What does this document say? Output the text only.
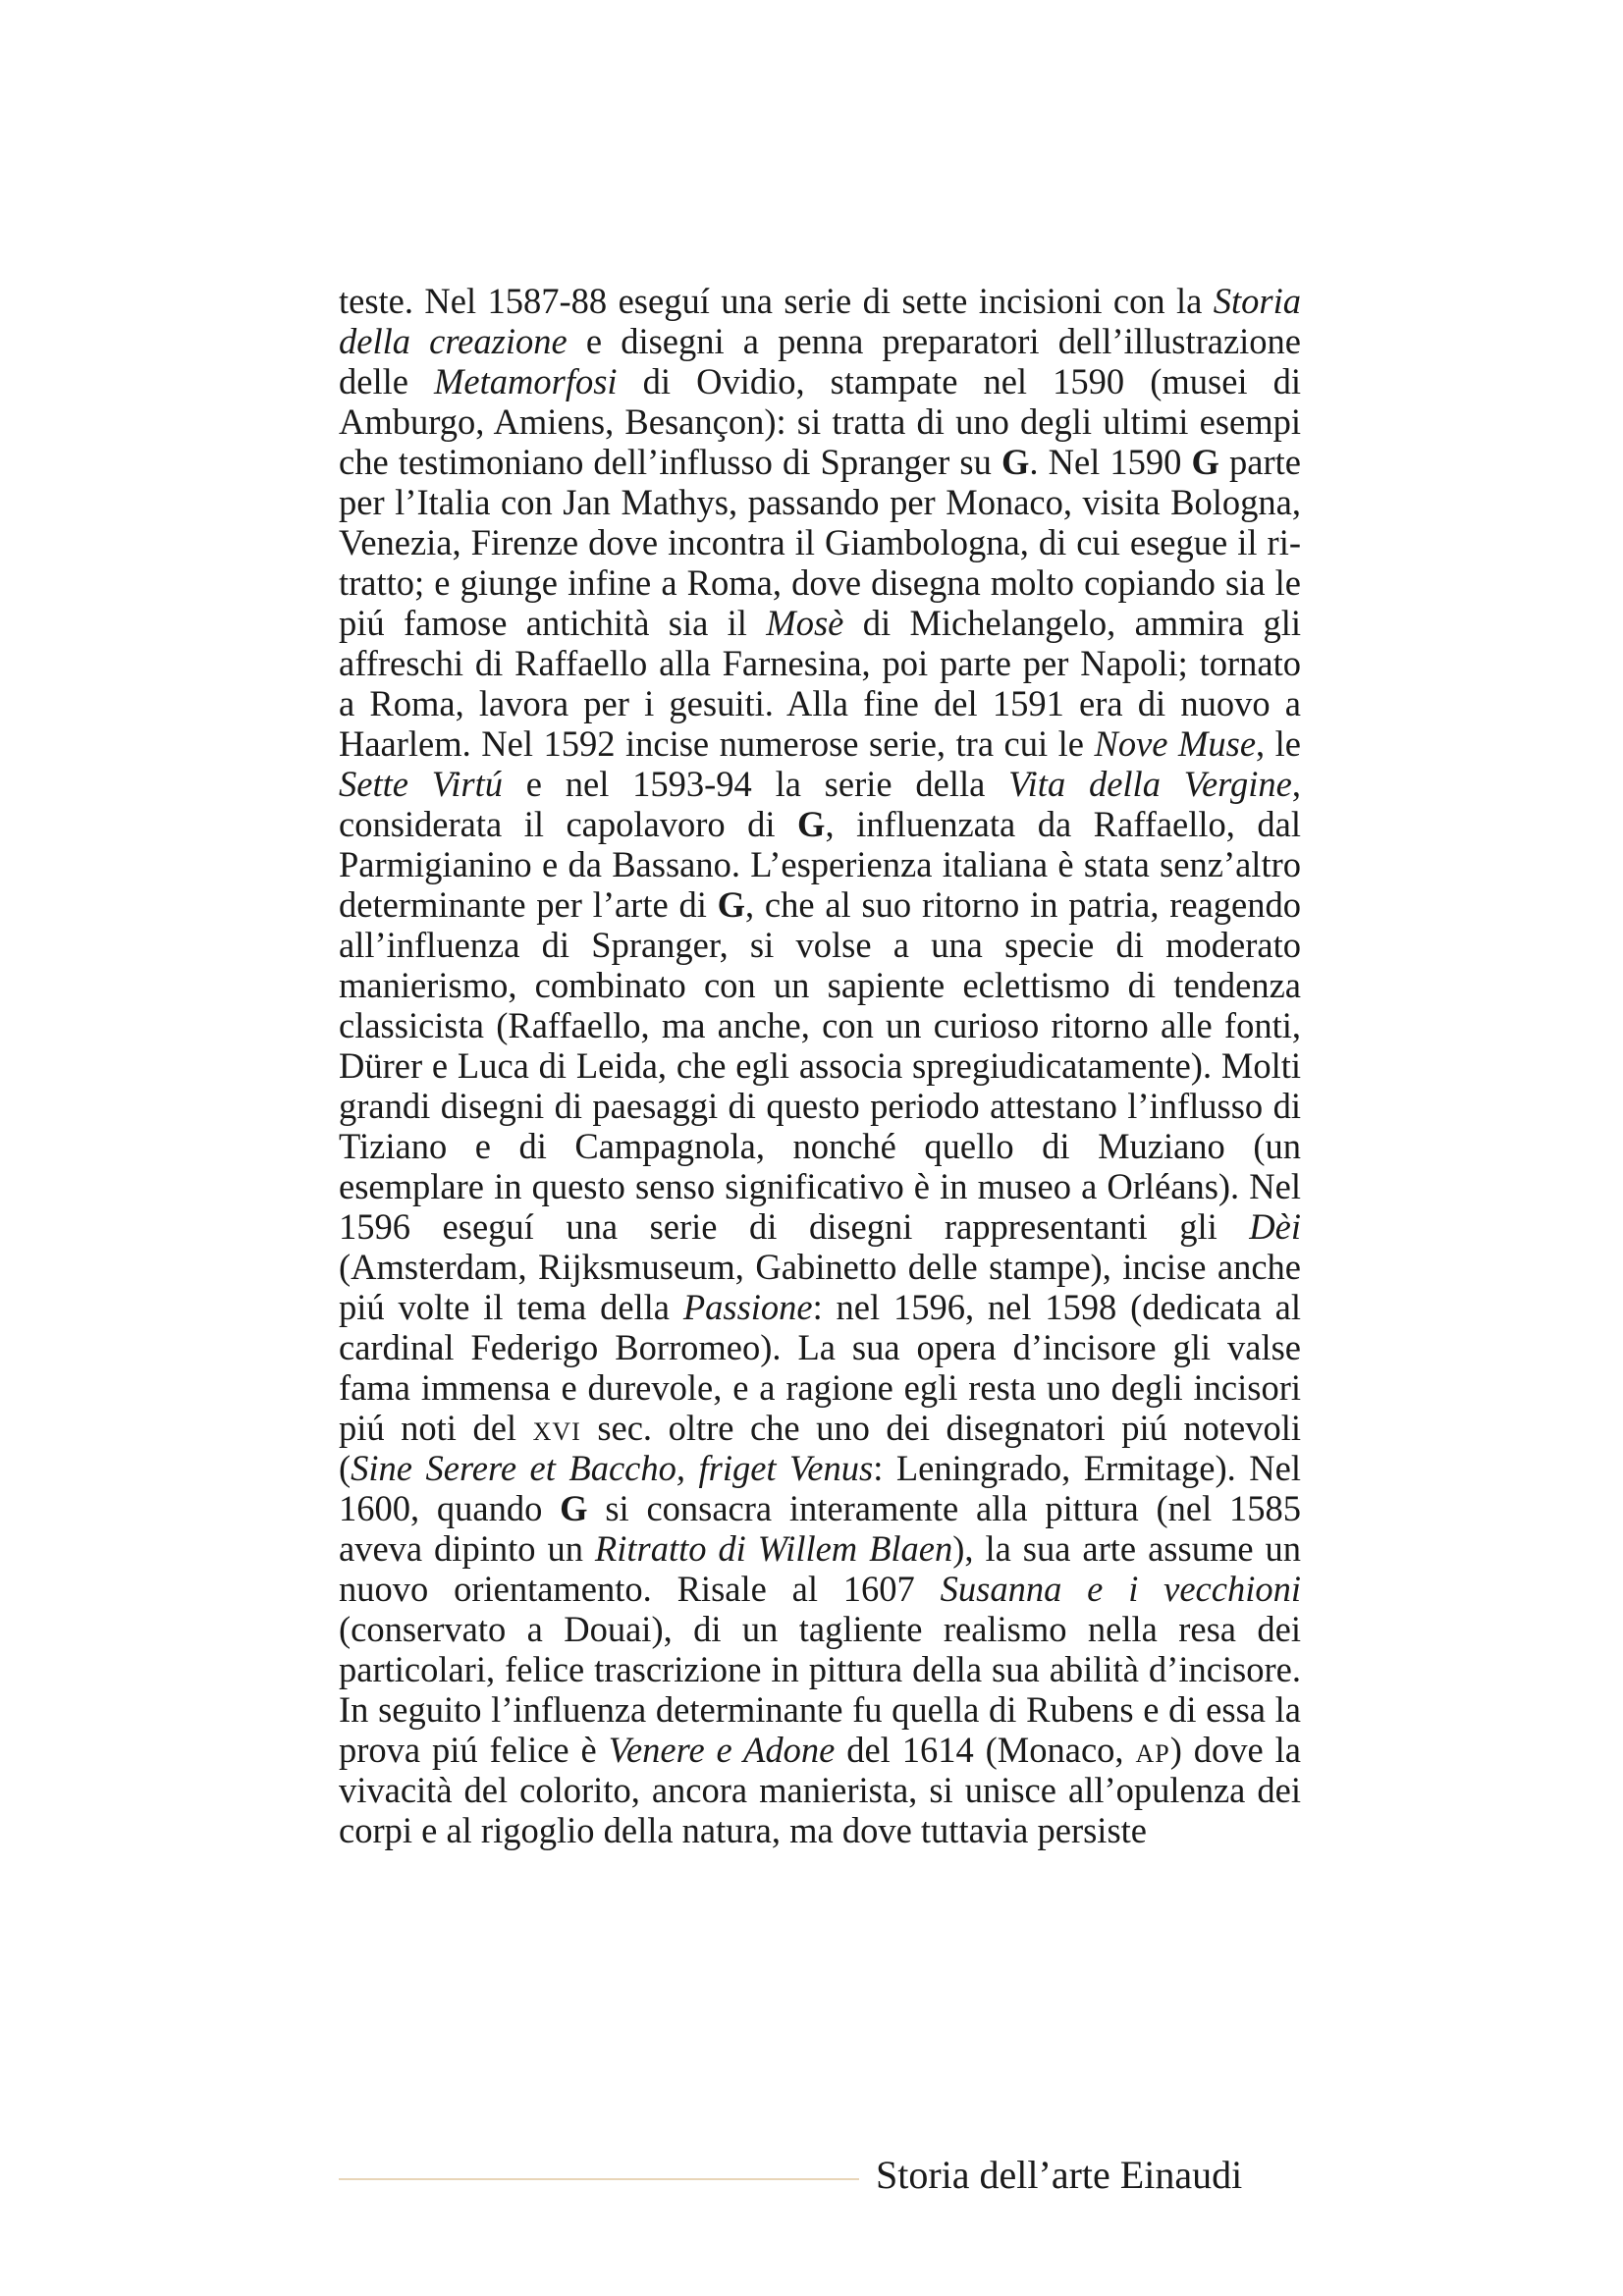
teste. Nel 1587-88 eseguí una serie di sette incisioni con la Storia della creazione e disegni a penna preparatori dell’illustrazione delle Metamorfosi di Ovidio, stampate nel 1590 (musei di Amburgo, Amiens, Besançon): si tratta di uno degli ultimi esempi che testimoniano dell’influsso di Spranger su G. Nel 1590 G parte per l’Italia con Jan Mathys, passando per Monaco, visita Bologna, Venezia, Firenze dove incontra il Giambologna, di cui esegue il ritratto; e giunge infine a Roma, dove disegna molto copiando sia le piú famose antichità sia il Mosè di Michelangelo, ammira gli affreschi di Raffaello alla Farnesina, poi parte per Napoli; tornato a Roma, lavora per i gesuiti. Alla fine del 1591 era di nuovo a Haarlem. Nel 1592 incise numerose serie, tra cui le Nove Muse, le Sette Virtú e nel 1593-94 la serie della Vita della Vergine, considerata il capolavoro di G, influenzata da Raffaello, dal Parmigianino e da Bassano. L’esperienza italiana è stata senz’altro determinante per l’arte di G, che al suo ritorno in patria, reagendo all’influenza di Spranger, si volse a una specie di moderato manierismo, combinato con un sapiente eclettismo di tendenza classicista (Raffaello, ma anche, con un curioso ritorno alle fonti, Dürer e Luca di Leida, che egli associa spregiudicatamente). Molti grandi disegni di paesaggi di questo periodo attestano l’influsso di Tiziano e di Campagnola, nonché quello di Muziano (un esemplare in questo senso significativo è in museo a Orléans). Nel 1596 eseguí una serie di disegni rappresentanti gli Dèi (Amsterdam, Rijksmuseum, Gabinetto delle stampe), incise anche piú volte il tema della Passione: nel 1596, nel 1598 (dedicata al cardinal Federigo Borromeo). La sua opera d’incisore gli valse fama immensa e durevole, e a ragione egli resta uno degli incisori piú noti del xvi sec. oltre che uno dei disegnatori piú notevoli (Sine Serere et Baccho, friget Venus: Leningrado, Ermitage). Nel 1600, quando G si consacra interamente alla pittura (nel 1585 aveva dipinto un Ritratto di Willem Blaen), la sua arte assume un nuovo orientamento. Risale al 1607 Susanna e i vecchioni (conservato a Douai), di un tagliente realismo nella resa dei particolari, felice trascrizione in pittura della sua abilità d’incisore. In seguito l’influenza determinante fu quella di Rubens e di essa la prova piú felice è Venere e Adone del 1614 (Monaco, ap) dove la vivacità del colorito, ancora manierista, si unisce all’opulenza dei corpi e al rigoglio della natura, ma dove tuttavia persiste

Storia dell’arte Einaudi
